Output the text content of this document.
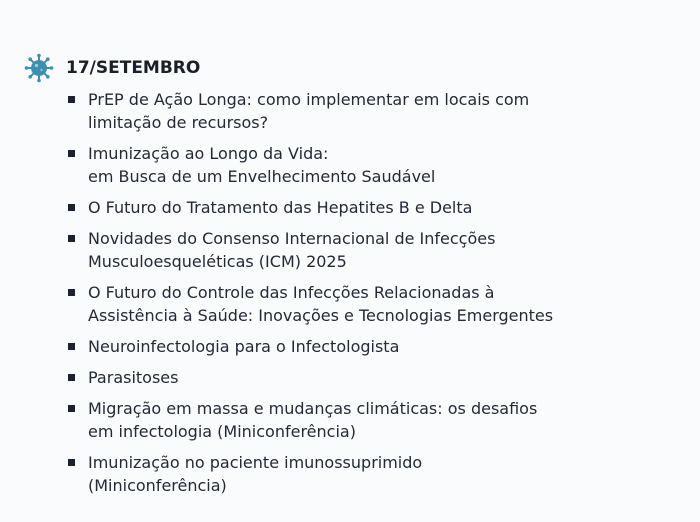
17/SETEMBRO
PrEP de Ação Longa: como implementar em locais com
limitação de recursos?
Imunização ao Longo da Vida:
em Busca de um Envelhecimento Saudável
O Futuro do Tratamento das Hepatites B e Delta
Novidades do Consenso Internacional de Infecções
Musculoesqueléticas (ICM) 2025
O Futuro do Controle das Infecções Relacionadas à
Assistência à Saúde: Inovações e Tecnologias Emergentes
Neuroinfectologia para o Infectologista
Parasitoses
Migração em massa e mudanças climáticas: os desafios
em infectologia (Miniconferência)
Imunização no paciente imunossuprimido
(Miniconferência)
